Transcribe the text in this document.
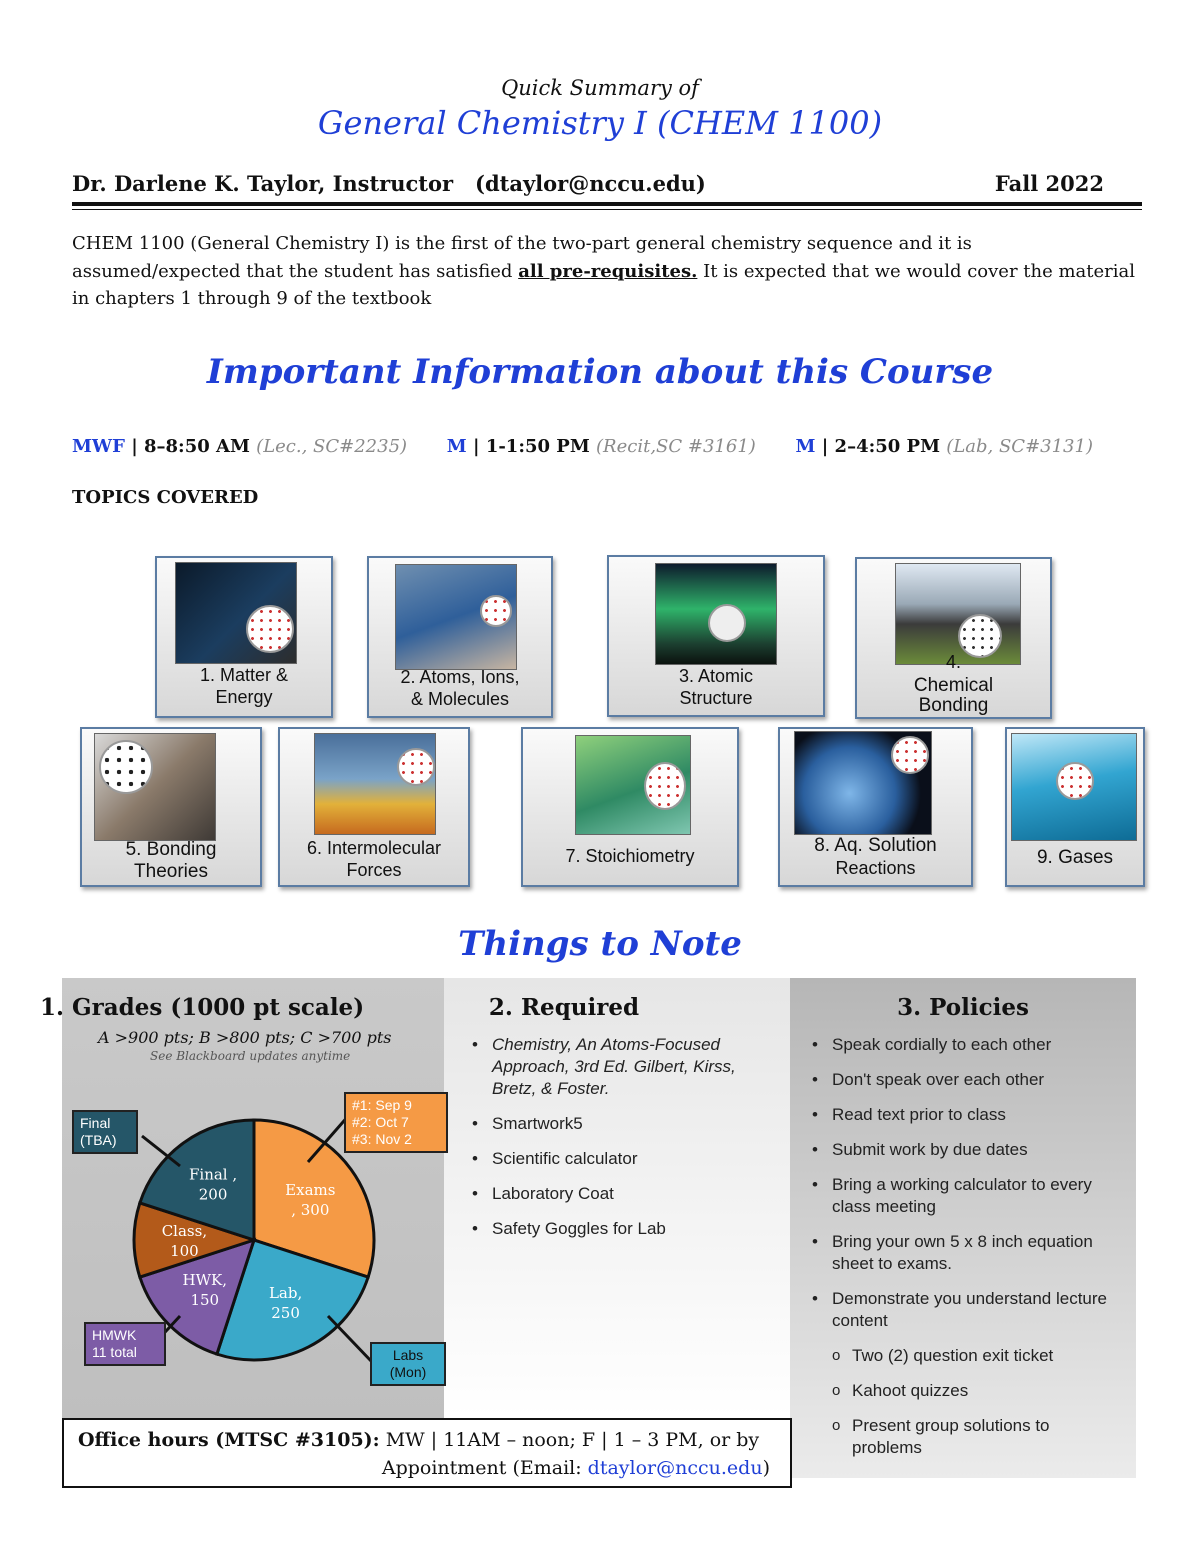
Quick Summary of
General Chemistry I (CHEM 1100)
Dr. Darlene K. Taylor, Instructor (dtaylor@nccu.edu)	Fall 2022
CHEM 1100 (General Chemistry I) is the first of the two-part general chemistry sequence and it is assumed/expected that the student has satisfied all pre-requisites. It is expected that we would cover the material in chapters 1 through 9 of the textbook
Important Information about this Course
MWF | 8–8:50 AM (Lec., SC#2235) M | 1-1:50 PM (Recit,SC #3161) M | 2–4:50 PM (Lab, SC#3131)
TOPICS COVERED
1. Matter &
Energy
2. Atoms, Ions,
& Molecules
3. Atomic
Structure
4.
Chemical
Bonding
5. Bonding
Theories
6. Intermolecular
Forces
7. Stoichiometry	8. Aq. Solution
Reactions	9. Gases
Things to Note
1. Grades (1000 pt scale)
A >900 pts; B >800 pts; C >700 pts
See Blackboard updates anytime
Exams
, 300
Lab,
250
HWK,
150
Class,
100
Final ,
200
Final
(TBA)
#1: Sep 9
#2: Oct 7
#3: Nov 2
HMWK
11 total	Labs
(Mon)
2. Required
• Chemistry, An Atoms-Focused Approach, 3rd Ed. Gilbert, Kirss, Bretz, & Foster.
• Smartwork5
• Scientific calculator
• Laboratory Coat
• Safety Goggles for Lab
3. Policies
• Speak cordially to each other
• Don't speak over each other
• Read text prior to class
• Submit work by due dates
• Bring a working calculator to every class meeting
• Bring your own 5 x 8 inch equation sheet to exams.
• Demonstrate you understand lecture content
o Two (2) question exit ticket
o Kahoot quizzes
o Present group solutions to problems
Office hours (MTSC #3105): MW | 11AM – noon; F | 1 – 3 PM, or by
Appointment (Email: dtaylor@nccu.edu)
